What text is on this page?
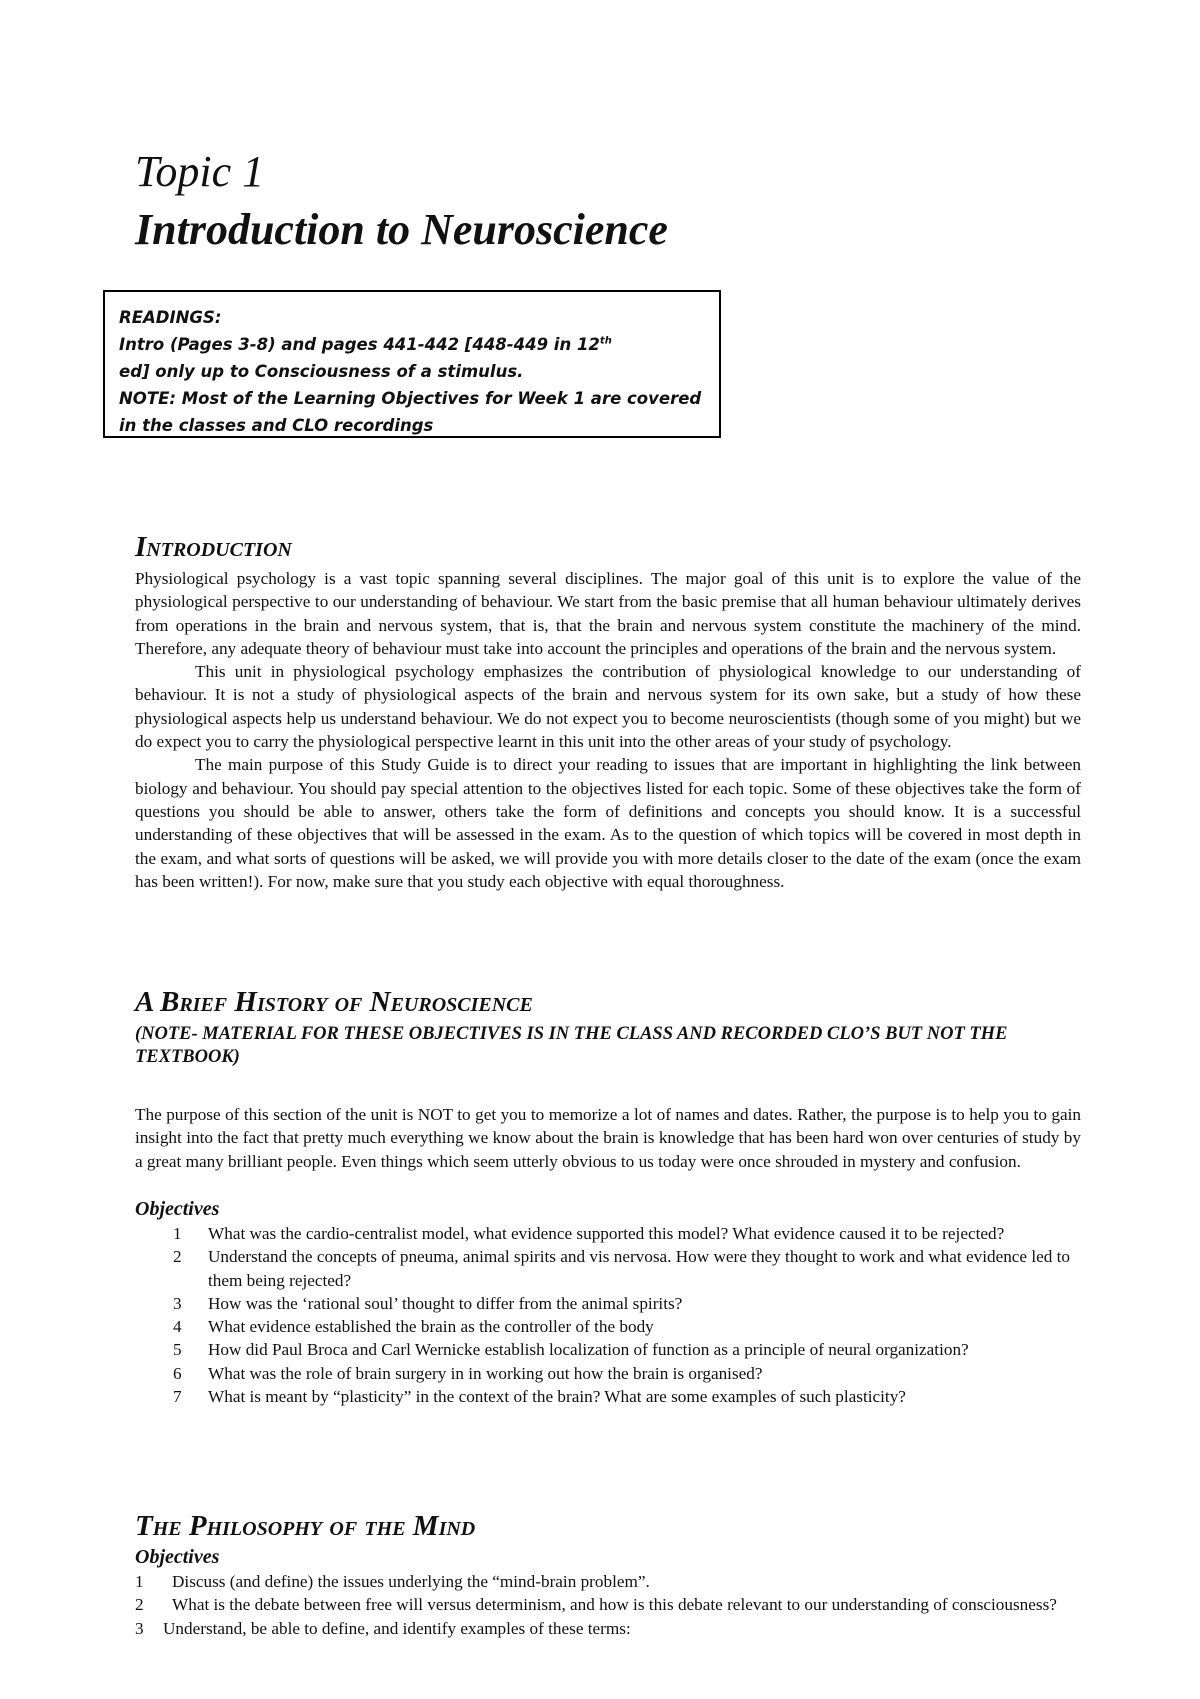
Topic 1
Introduction to Neuroscience
READINGS:
Intro (Pages 3-8) and pages 441-442 [448-449 in 12th
ed] only up to Consciousness of a stimulus.
NOTE: Most of the Learning Objectives for Week 1 are covered
in the classes and CLO recordings
Introduction

Physiological psychology is a vast topic spanning several disciplines. The major goal of this unit is to explore the value of the physiological perspective to our understanding of behaviour. We start from the basic premise that all human behaviour ultimately derives from operations in the brain and nervous system, that is, that the brain and nervous system constitute the machinery of the mind. Therefore, any adequate theory of behaviour must take into account the principles and operations of the brain and the nervous system.

This unit in physiological psychology emphasizes the contribution of physiological knowledge to our understanding of behaviour. It is not a study of physiological aspects of the brain and nervous system for its own sake, but a study of how these physiological aspects help us understand behaviour. We do not expect you to become neuroscientists (though some of you might) but we do expect you to carry the physiological perspective learnt in this unit into the other areas of your study of psychology.

The main purpose of this Study Guide is to direct your reading to issues that are important in highlighting the link between biology and behaviour. You should pay special attention to the objectives listed for each topic. Some of these objectives take the form of questions you should be able to answer, others take the form of definitions and concepts you should know. It is a successful understanding of these objectives that will be assessed in the exam. As to the question of which topics will be covered in most depth in the exam, and what sorts of questions will be asked, we will provide you with more details closer to the date of the exam (once the exam has been written!). For now, make sure that you study each objective with equal thoroughness.

A Brief History of Neuroscience
(NOTE- MATERIAL FOR THESE OBJECTIVES IS IN THE CLASS AND RECORDED CLO’S BUT NOT THE TEXTBOOK)

The purpose of this section of the unit is NOT to get you to memorize a lot of names and dates. Rather, the purpose is to help you to gain insight into the fact that pretty much everything we know about the brain is knowledge that has been hard won over centuries of study by a great many brilliant people. Even things which seem utterly obvious to us today were once shrouded in mystery and confusion.

Objectives
1 What was the cardio-centralist model, what evidence supported this model? What evidence caused it to be rejected?
2 Understand the concepts of pneuma, animal spirits and vis nervosa. How were they thought to work and what evidence led to them being rejected?
3 How was the ‘rational soul’ thought to differ from the animal spirits?
4 What evidence established the brain as the controller of the body
5 How did Paul Broca and Carl Wernicke establish localization of function as a principle of neural organization?
6 What was the role of brain surgery in in working out how the brain is organised?
7 What is meant by “plasticity” in the context of the brain? What are some examples of such plasticity?
The Philosophy of the Mind
Objectives
1 Discuss (and define) the issues underlying the “mind-brain problem”.
2 What is the debate between free will versus determinism, and how is this debate relevant to our understanding of consciousness?
3 Understand, be able to define, and identify examples of these terms:
